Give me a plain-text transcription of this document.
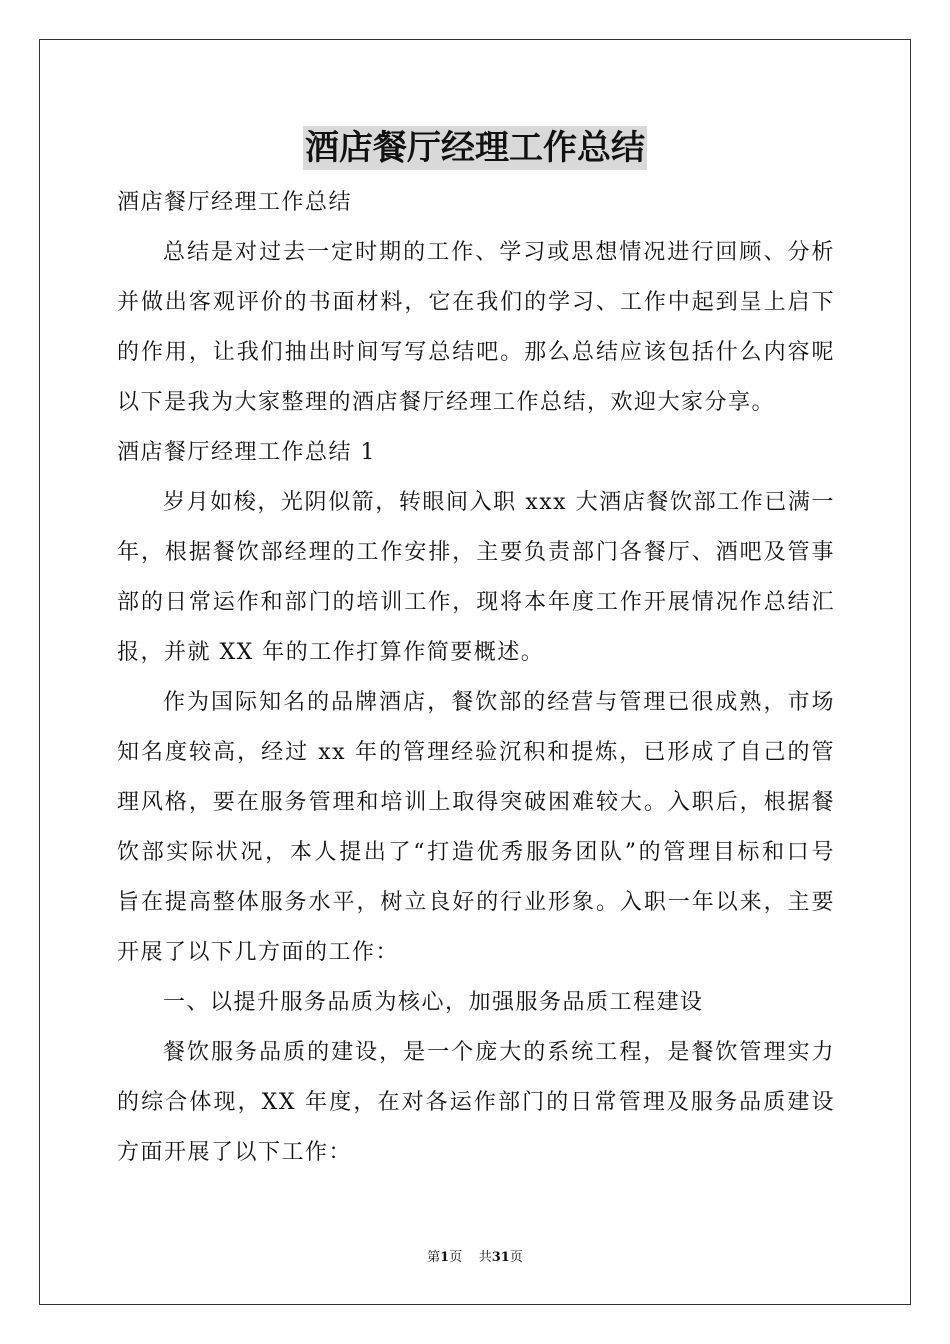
酒店餐厅经理工作总结
酒店餐厅经理工作总结
总结是对过去一定时期的工作、学习或思想情况进行回顾、分析
并做出客观评价的书面材料，它在我们的学习、工作中起到呈上启下
的作用，让我们抽出时间写写总结吧。那么总结应该包括什么内容呢
以下是我为大家整理的酒店餐厅经理工作总结，欢迎大家分享。
酒店餐厅经理工作总结 1
岁月如梭，光阴似箭，转眼间入职 xxx 大酒店餐饮部工作已满一
年，根据餐饮部经理的工作安排，主要负责部门各餐厅、酒吧及管事
部的日常运作和部门的培训工作，现将本年度工作开展情况作总结汇
报，并就 XX 年的工作打算作简要概述。
作为国际知名的品牌酒店，餐饮部的经营与管理已很成熟，市场
知名度较高，经过 xx 年的管理经验沉积和提炼，已形成了自己的管
理风格，要在服务管理和培训上取得突破困难较大。入职后，根据餐
饮部实际状况，本人提出了“打造优秀服务团队”的管理目标和口号
旨在提高整体服务水平，树立良好的行业形象。入职一年以来，主要
开展了以下几方面的工作：
一、以提升服务品质为核心，加强服务品质工程建设
餐饮服务品质的建设，是一个庞大的系统工程，是餐饮管理实力
的综合体现，XX 年度，在对各运作部门的日常管理及服务品质建设
方面开展了以下工作：
第1页 共31页
